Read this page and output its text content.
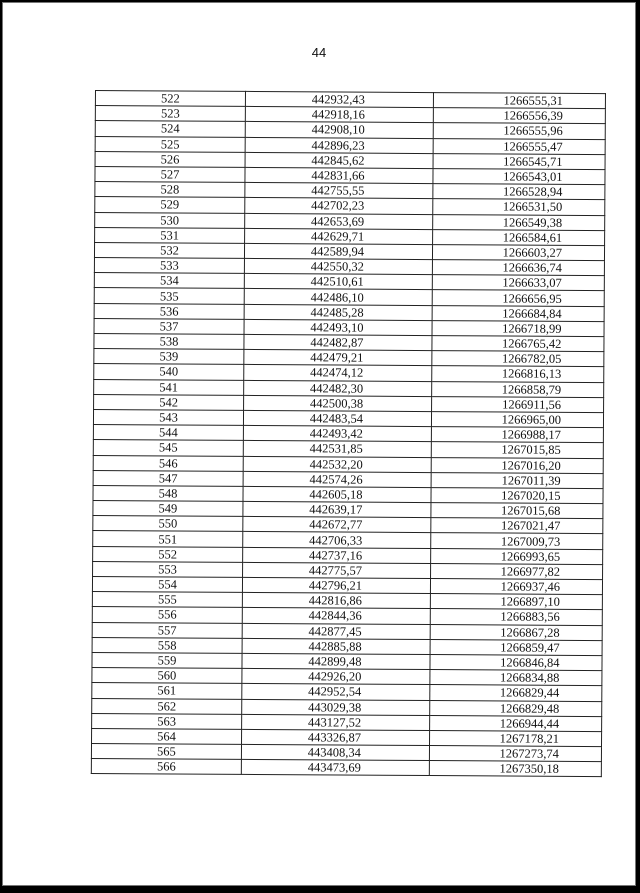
44
522	442932,43	1266555,31
523	442918,16	1266556,39
524	442908,10	1266555,96
525	442896,23	1266555,47
526	442845,62	1266545,71
527	442831,66	1266543,01
528	442755,55	1266528,94
529	442702,23	1266531,50
530	442653,69	1266549,38
531	442629,71	1266584,61
532	442589,94	1266603,27
533	442550,32	1266636,74
534	442510,61	1266633,07
535	442486,10	1266656,95
536	442485,28	1266684,84
537	442493,10	1266718,99
538	442482,87	1266765,42
539	442479,21	1266782,05
540	442474,12	1266816,13
541	442482,30	1266858,79
542	442500,38	1266911,56
543	442483,54	1266965,00
544	442493,42	1266988,17
545	442531,85	1267015,85
546	442532,20	1267016,20
547	442574,26	1267011,39
548	442605,18	1267020,15
549	442639,17	1267015,68
550	442672,77	1267021,47
551	442706,33	1267009,73
552	442737,16	1266993,65
553	442775,57	1266977,82
554	442796,21	1266937,46
555	442816,86	1266897,10
556	442844,36	1266883,56
557	442877,45	1266867,28
558	442885,88	1266859,47
559	442899,48	1266846,84
560	442926,20	1266834,88
561	442952,54	1266829,44
562	443029,38	1266829,48
563	443127,52	1266944,44
564	443326,87	1267178,21
565	443408,34	1267273,74
566	443473,69	1267350,18
